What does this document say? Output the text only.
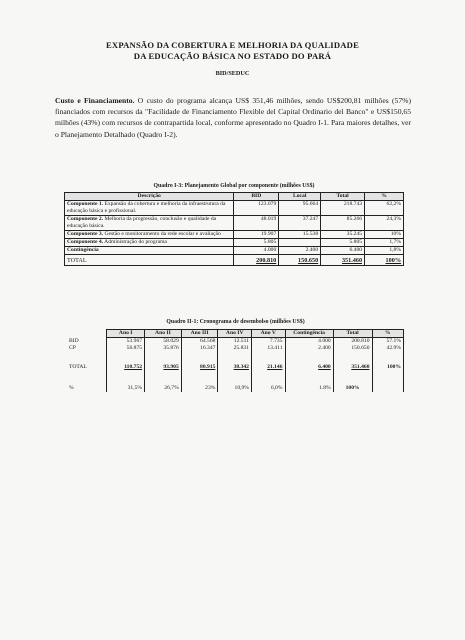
EXPANSÃO DA COBERTURA E MELHORIA DA QUALIDADE
DA EDUCAÇÃO BÁSICA NO ESTADO DO PARÁ
BID/SEDUC
Custo e Financiamento. O custo do programa alcança US$ 351,46 milhões, sendo US$200,81 milhões (57%) financiados com recursos da "Facilidade de Financiamento Flexible del Capital Ordinario del Banco" e US$150,65 milhões (43%) com recursos de contrapartida local, conforme apresentado no Quadro I-1. Para maiores detalhes, ver o Planejamento Detalhado (Quadro I-2).
Quadro I-3: Planejamento Global por componente (milhões US$)
Descrição	BID	Local	Total	%
Componente 1. Expansão da cobertura e melhoria da infraestrutura da educação básica e profissional.	123.079	95.664	218.743	62,2%
Componente 2. Melhoria da progressão, conclusão e qualidade da educação básica.	48.019	37.247	85.266	24,3%
Componente 3. Gestão e monitoramento da rede escolar e avaliação	19.907	15.538	35.245	10%
Componente 4. Administração do programa	5.805		5.805	1,7%
Contingência	4.000	2.400	6.400	1,8%
TOTAL	200.810	150.650	351.460	100%
Quadro II-1: Cronograma de desembolso (milhões US$)
	Ano I	Ano II	Ano III	Ano IV	Ano V	Contingência	Total	%
BID	53.967	58.029	64.568	12.511	7.735	4.000	200.810	57.1%
CP	56.875	35.876	16.347	25.831	13.411	2.400	150.650	42.9%

TOTAL	110.752	93.905	80.915	38.342	21.146	6.400	351.460	100%

%	31,5%	26,7%	23%	10,9%	6,0%	1.8%	100%	
